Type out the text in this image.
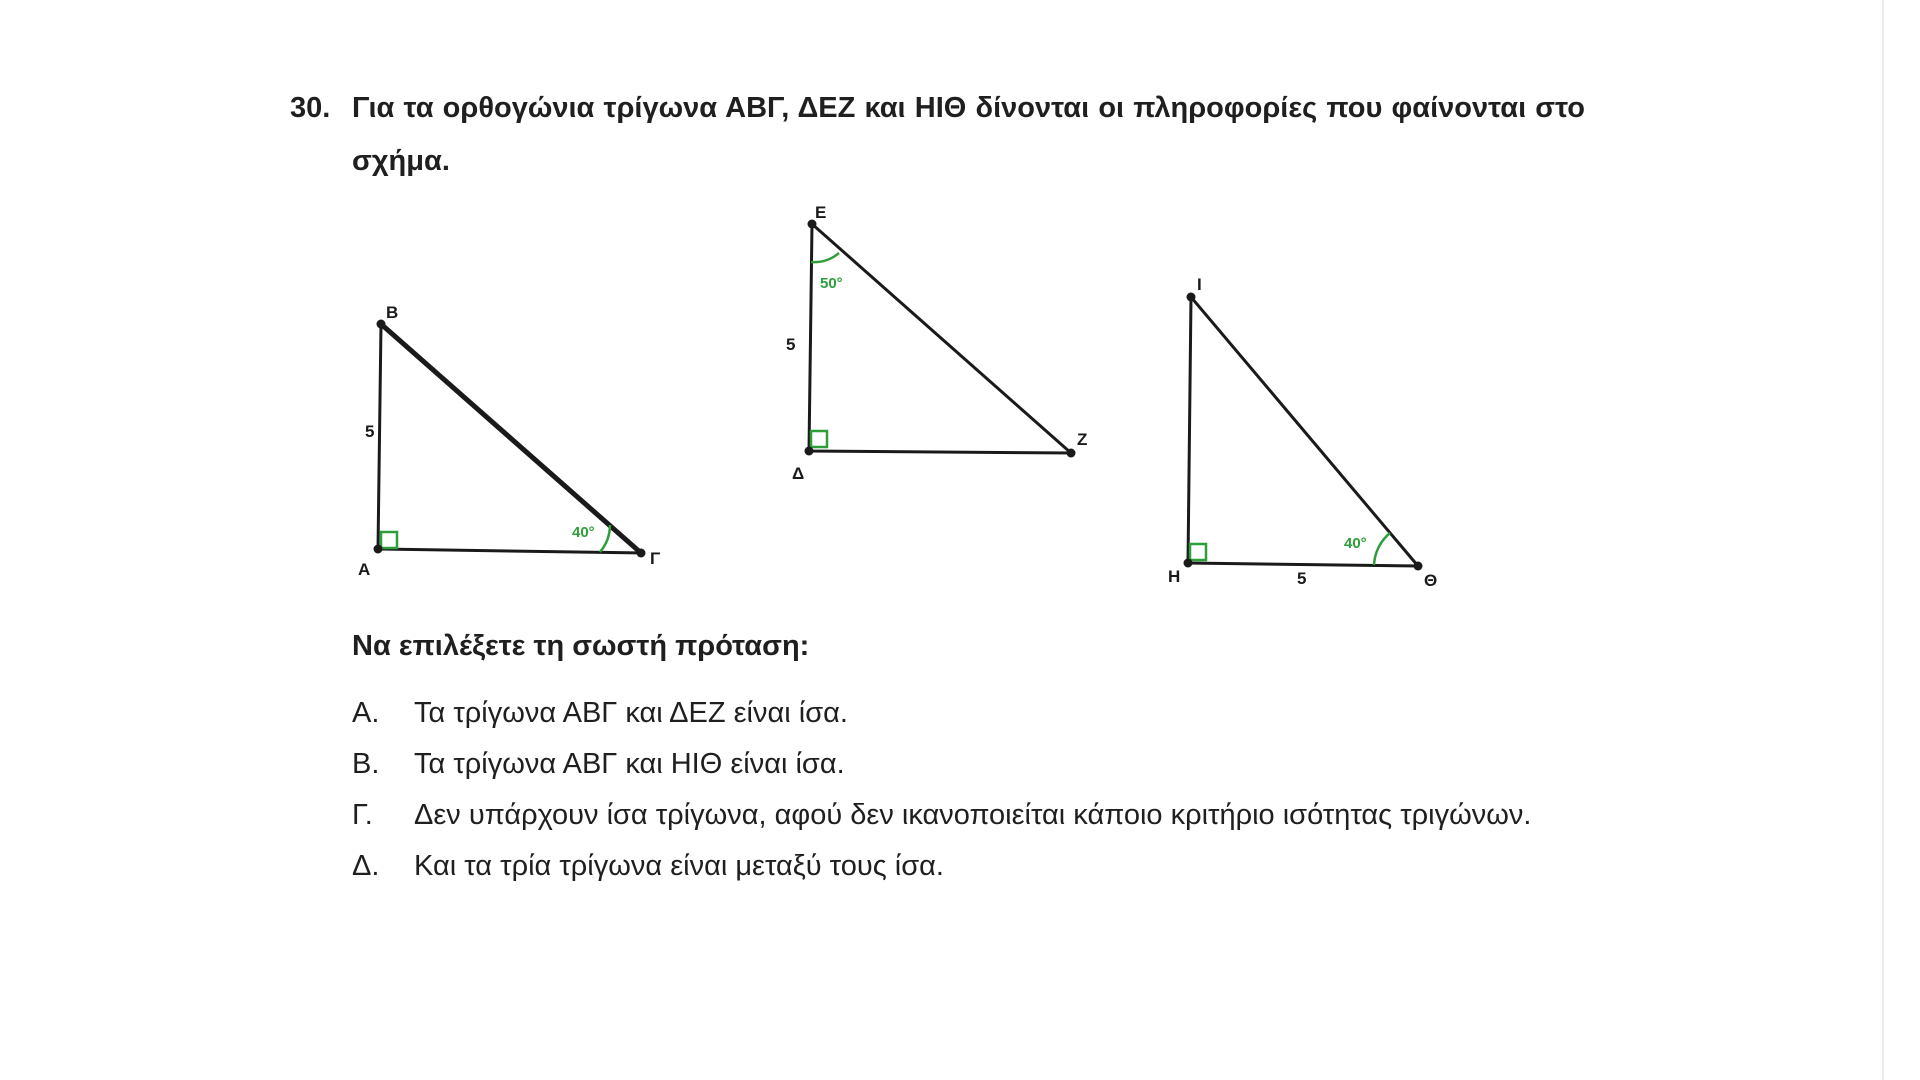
30. Για τα ορθογώνια τρίγωνα ΑΒΓ, ΔΕΖ και ΗΙΘ δίνονται οι πληροφορίες που φαίνονται στο σχήμα.
Α
Β
Γ
5
40°
Δ
Ε
Ζ
5
50°
Η
Ι
Θ
5
40°
Να επιλέξετε τη σωστή πρόταση:
Α. Τα τρίγωνα ΑΒΓ και ΔΕΖ είναι ίσα.
Β. Τα τρίγωνα ΑΒΓ και ΗΙΘ είναι ίσα.
Γ. Δεν υπάρχουν ίσα τρίγωνα, αφού δεν ικανοποιείται κάποιο κριτήριο ισότητας τριγώνων.
Δ. Και τα τρία τρίγωνα είναι μεταξύ τους ίσα.
